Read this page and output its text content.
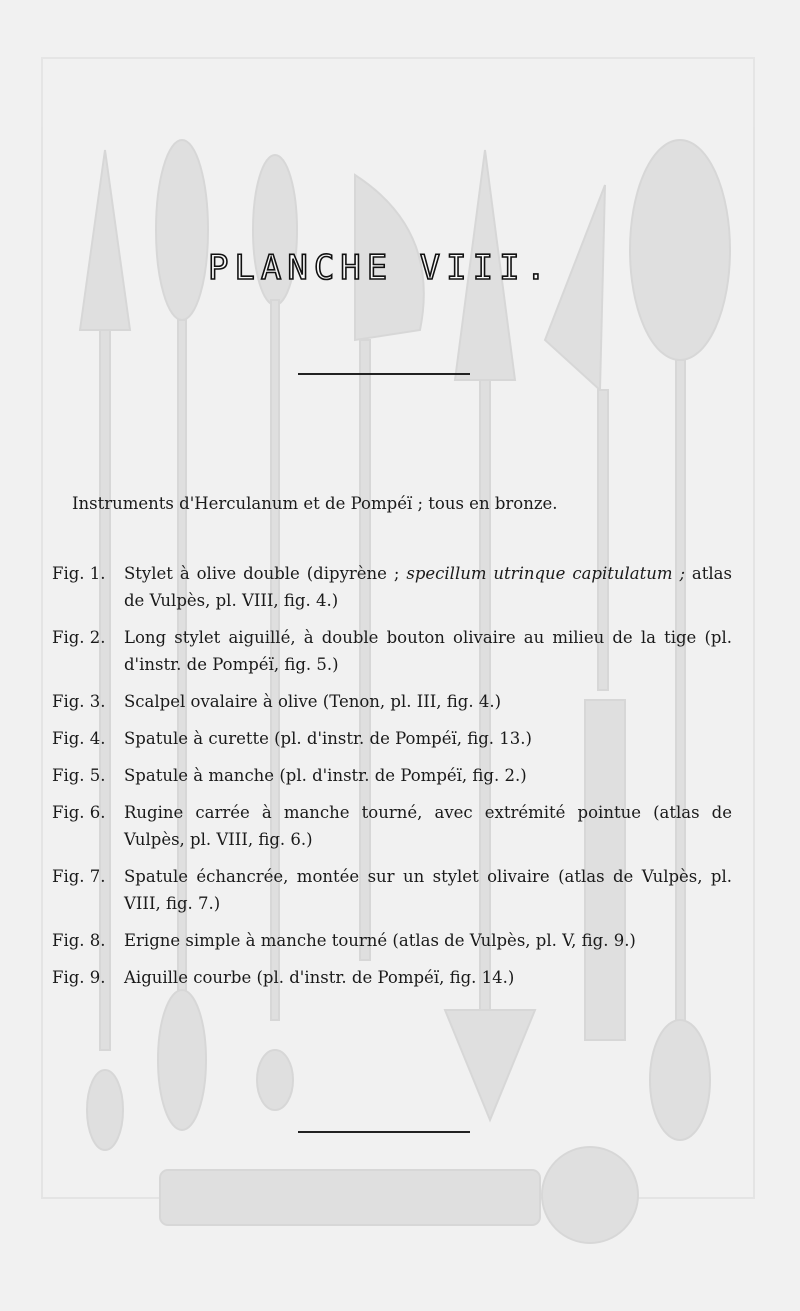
PLANCHE VIII.
Instruments d'Herculanum et de Pompéï ; tous en bronze.
Fig. 1.	Stylet à olive double (dipyrène ; specillum utrinque capitulatum ; atlas de Vulpès, pl. VIII, fig. 4.)
Fig. 2.	Long stylet aiguillé, à double bouton olivaire au milieu de la tige (pl. d'instr. de Pompéï, fig. 5.)
Fig. 3.	Scalpel ovalaire à olive (Tenon, pl. III, fig. 4.)
Fig. 4.	Spatule à curette (pl. d'instr. de Pompéï, fig. 13.)
Fig. 5.	Spatule à manche (pl. d'instr. de Pompéï, fig. 2.)
Fig. 6.	Rugine carrée à manche tourné, avec extrémité pointue (atlas de Vulpès, pl. VIII, fig. 6.)
Fig. 7.	Spatule échancrée, montée sur un stylet olivaire (atlas de Vulpès, pl. VIII, fig. 7.)
Fig. 8.	Erigne simple à manche tourné (atlas de Vulpès, pl. V, fig. 9.)
Fig. 9.	Aiguille courbe (pl. d'instr. de Pompéï, fig. 14.)
